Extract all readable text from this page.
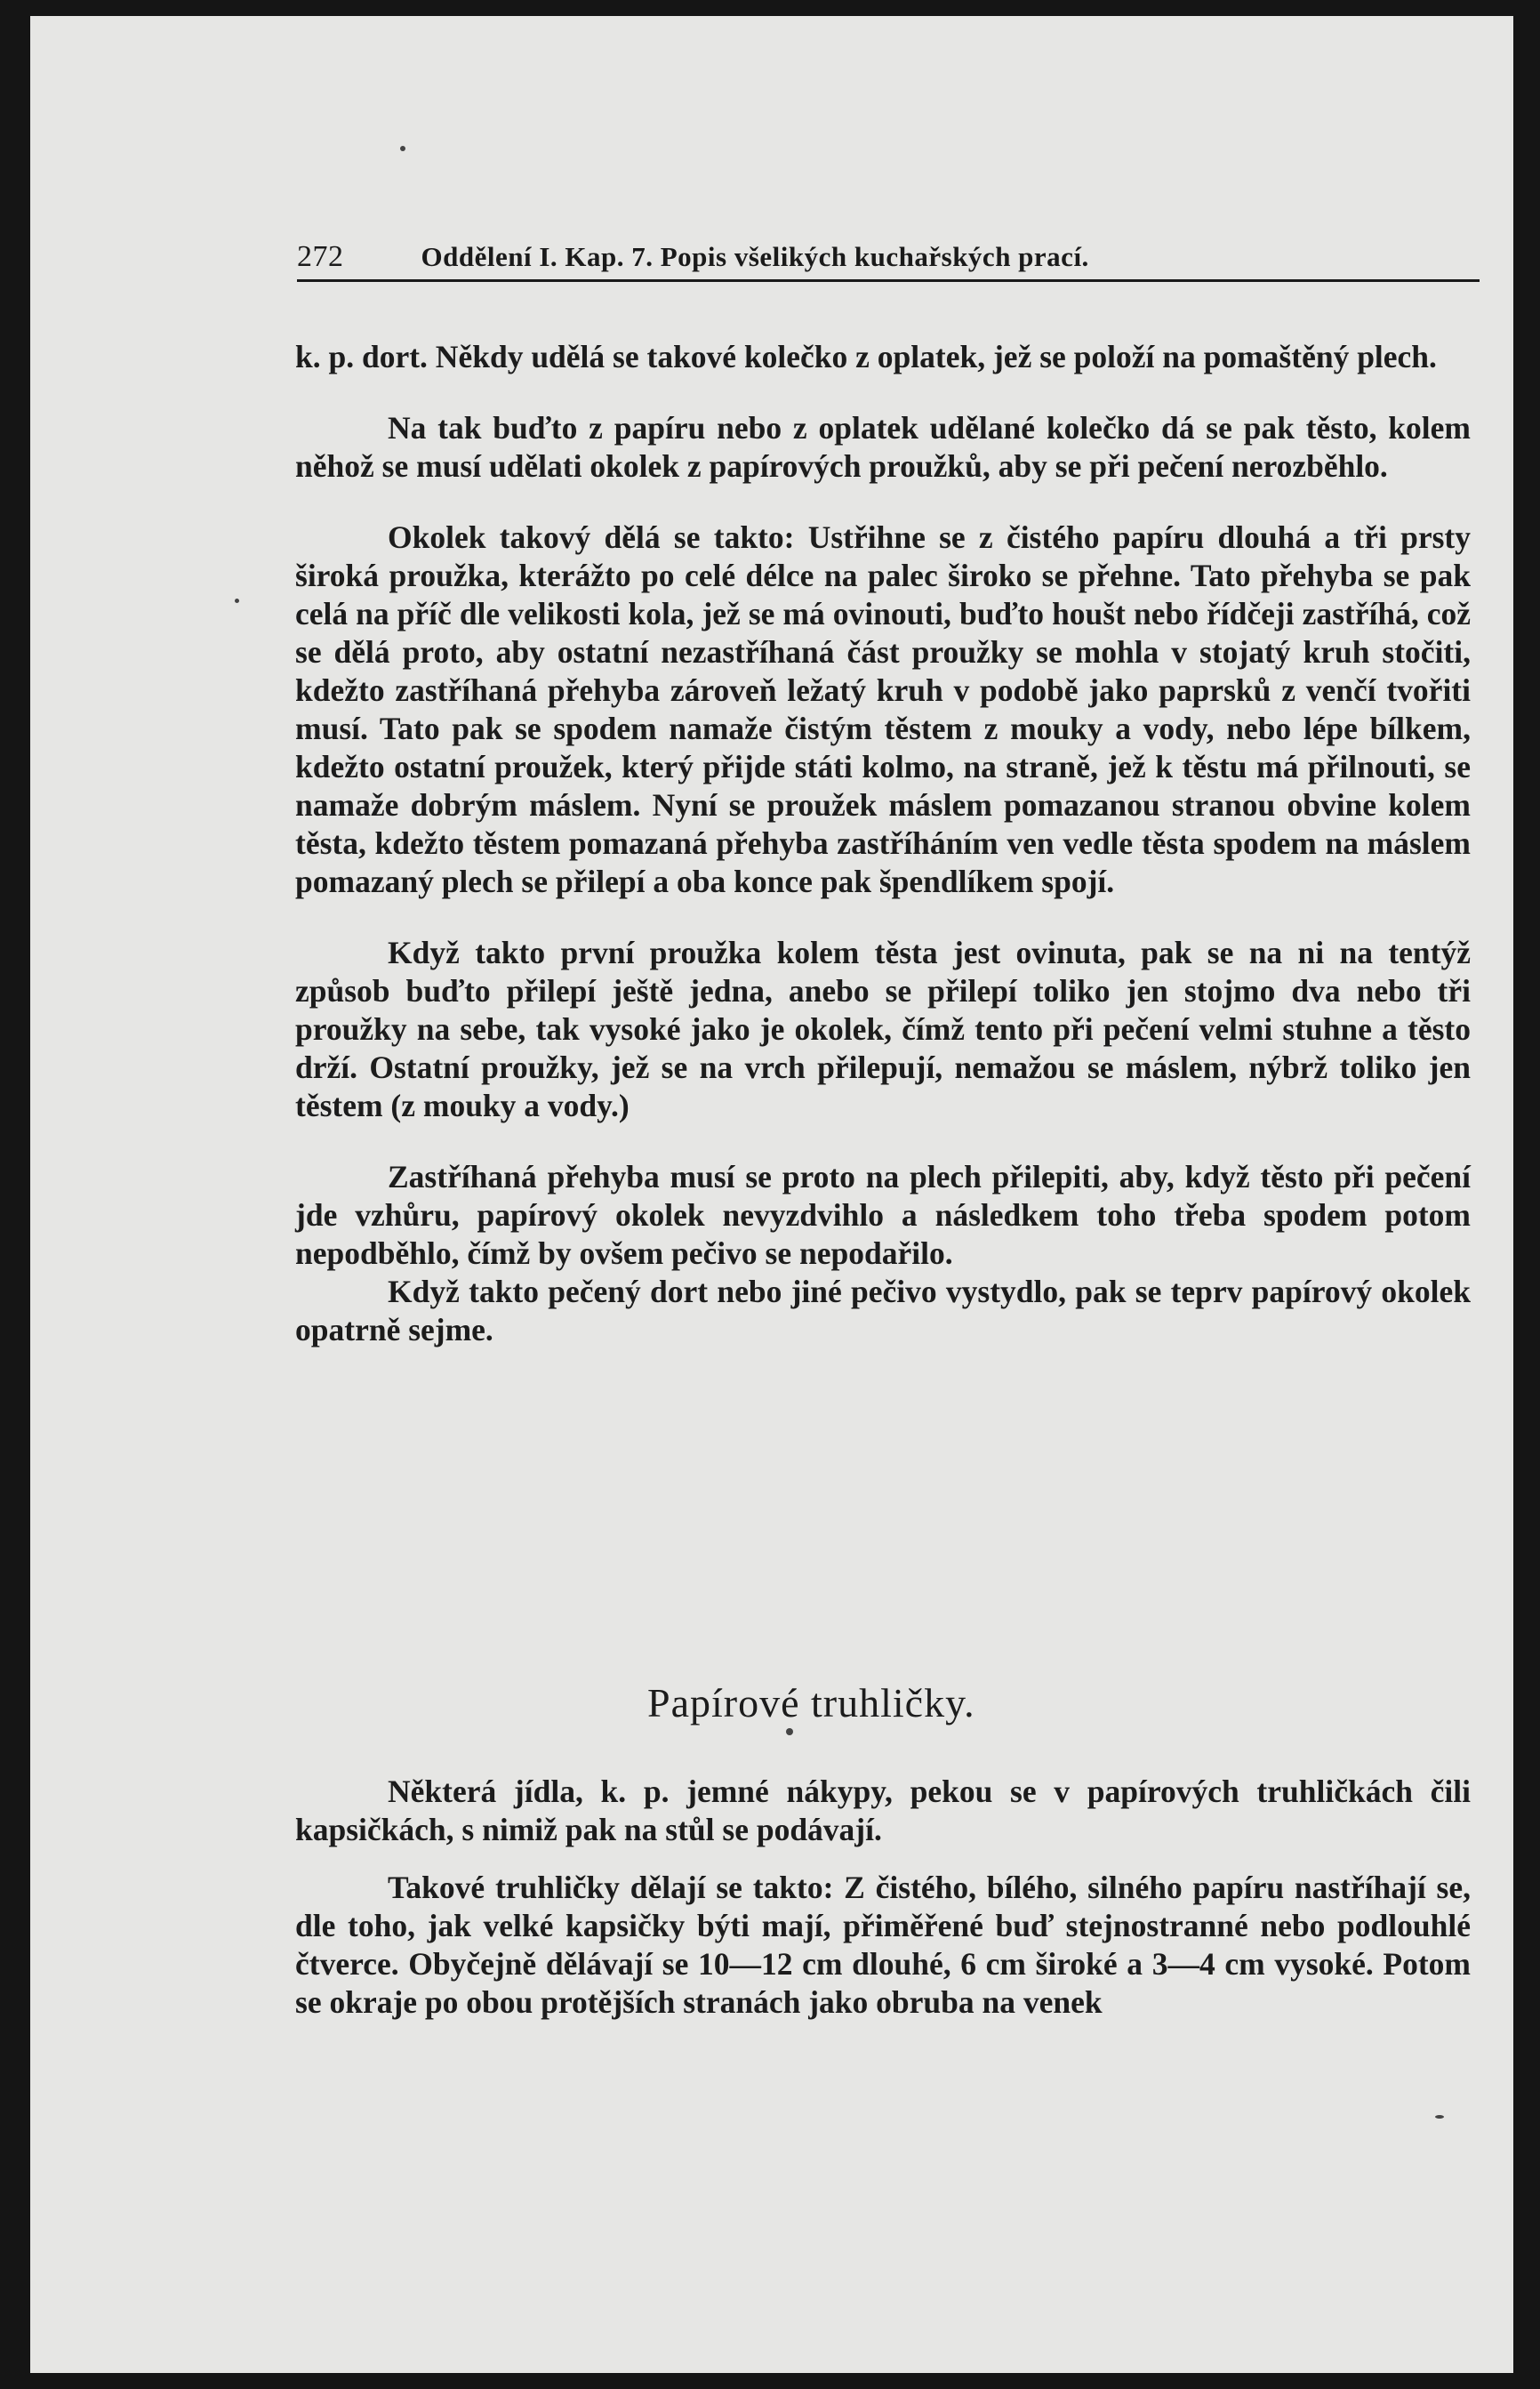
272	Oddělení I. Kap. 7. Popis všelikých kuchařských prací.

k. p. dort. Někdy udělá se takové kolečko z oplatek, jež se položí na pomaštěný plech.

Na tak buďto z papíru nebo z oplatek udělané kolečko dá se pak těsto, kolem něhož se musí udělati okolek z papírových proužků, aby se při pečení nerozběhlo.

Okolek takový dělá se takto: Ustřihne se z čistého papíru dlouhá a tři prsty široká proužka, kterážto po celé délce na palec široko se přehne. Tato přehyba se pak celá na příč dle velikosti kola, jež se má ovinouti, buďto houšt nebo řídčeji zastříhá, což se dělá proto, aby ostatní nezastříhaná část proužky se mohla v stojatý kruh stočiti, kdežto zastříhaná přehyba zároveň ležatý kruh v podobě jako paprsků z venčí tvořiti musí. Tato pak se spodem namaže čistým těstem z mouky a vody, nebo lépe bílkem, kdežto ostatní proužek, který přijde státi kolmo, na straně, jež k těstu má přilnouti, se namaže dobrým máslem. Nyní se proužek máslem pomazanou stranou obvine kolem těsta, kdežto těstem pomazaná přehyba zastříháním ven vedle těsta spodem na máslem pomazaný plech se přilepí a oba konce pak špendlíkem spojí.

Když takto první proužka kolem těsta jest ovinuta, pak se na ni na tentýž způsob buďto přilepí ještě jedna, anebo se přilepí toliko jen stojmo dva nebo tři proužky na sebe, tak vysoké jako je okolek, čímž tento při pečení velmi stuhne a těsto drží. Ostatní proužky, jež se na vrch přilepují, nemažou se máslem, nýbrž toliko jen těstem (z mouky a vody.)

Zastříhaná přehyba musí se proto na plech přilepiti, aby, když těsto při pečení jde vzhůru, papírový okolek nevyzdvihlo a následkem toho třeba spodem potom nepodběhlo, čímž by ovšem pečivo se nepodařilo.

Když takto pečený dort nebo jiné pečivo vystydlo, pak se teprv papírový okolek opatrně sejme.

Papírové truhličky.

Některá jídla, k. p. jemné nákypy, pekou se v papírových truhličkách čili kapsičkách, s nimiž pak na stůl se podávají.

Takové truhličky dělají se takto: Z čistého, bílého, silného papíru nastříhají se, dle toho, jak velké kapsičky býti mají, přiměřené buď stejnostranné nebo podlouhlé čtverce. Obyčejně dělávají se 10—12 cm dlouhé, 6 cm široké a 3—4 cm vysoké. Potom se okraje po obou protějších stranách jako obruba na venek
